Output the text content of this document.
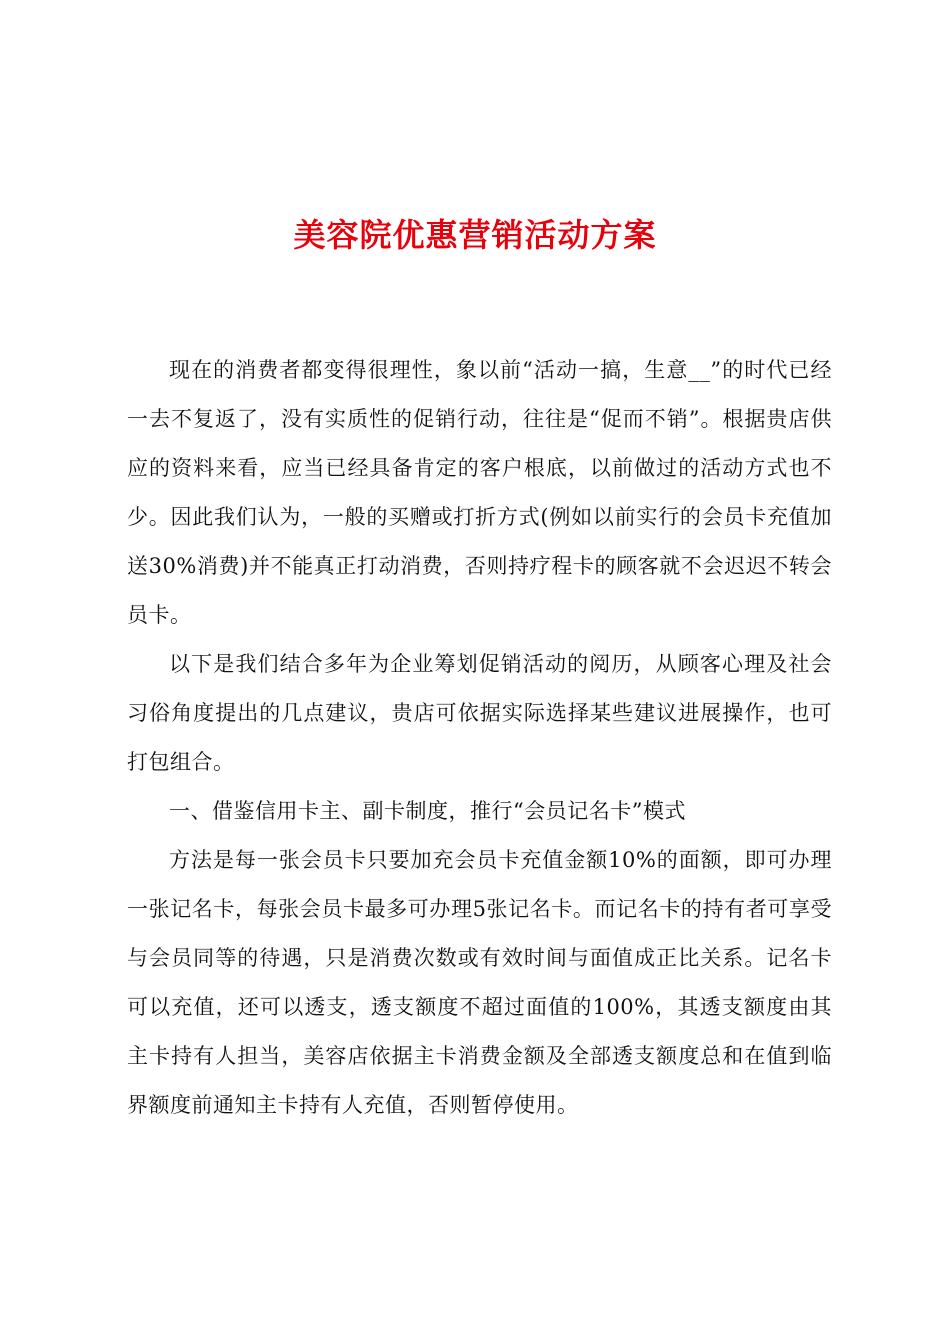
美容院优惠营销活动方案

现在的消费者都变得很理性，象以前“活动一搞，生意__”的时代已经一去不复返了，没有实质性的促销行动，往往是“促而不销”。根据贵店供应的资料来看，应当已经具备肯定的客户根底，以前做过的活动方式也不少。因此我们认为，一般的买赠或打折方式(例如以前实行的会员卡充值加送30%消费)并不能真正打动消费，否则持疗程卡的顾客就不会迟迟不转会员卡。

以下是我们结合多年为企业筹划促销活动的阅历，从顾客心理及社会习俗角度提出的几点建议，贵店可依据实际选择某些建议进展操作，也可打包组合。

一、借鉴信用卡主、副卡制度，推行“会员记名卡”模式

方法是每一张会员卡只要加充会员卡充值金额10%的面额，即可办理一张记名卡，每张会员卡最多可办理5张记名卡。而记名卡的持有者可享受与会员同等的待遇，只是消费次数或有效时间与面值成正比关系。记名卡可以充值，还可以透支，透支额度不超过面值的100%，其透支额度由其主卡持有人担当，美容店依据主卡消费金额及全部透支额度总和在值到临界额度前通知主卡持有人充值，否则暂停使用。
